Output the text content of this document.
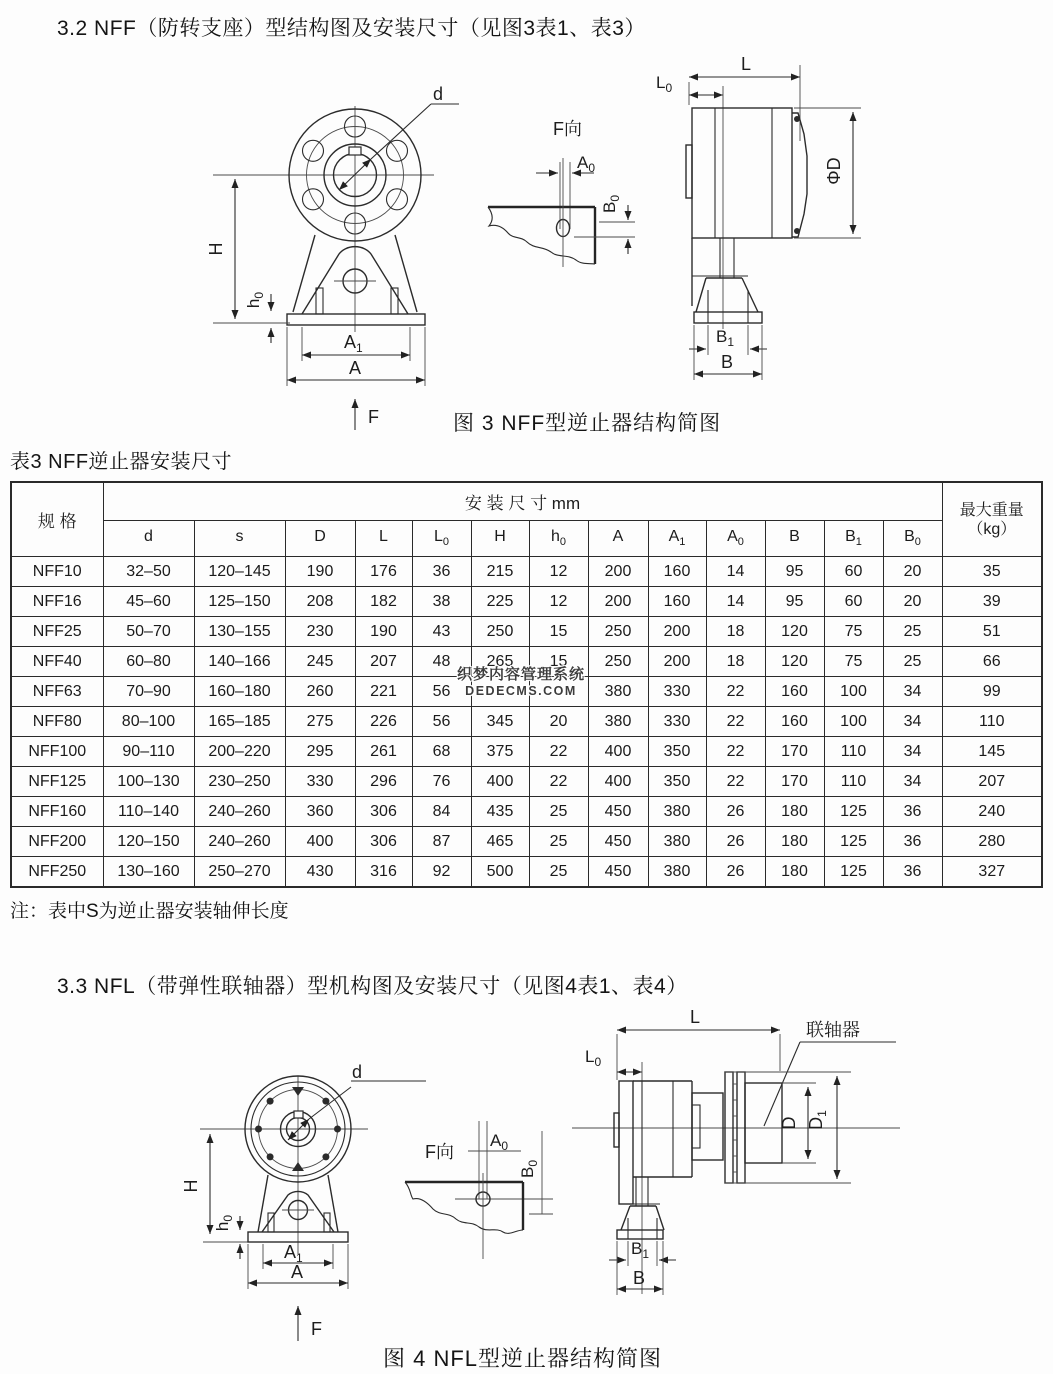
3.2 NFF（防转支座）型结构图及安装尺寸（见图3表1、表3）
d
H
$h_0$
$A_1$
A
F
F向
$A_0$
$B_0$
L
$L_0$
ΦD
$B_1$
B
图 3 NFF型逆止器结构简图
表3 NFF逆止器安装尺寸
规 格	安 装 尺 寸 mm													最大重量
（kg）

	d	s	D	L	$L_0$	H	$h_0$	A	$A_1$	$A_0$	B	$B_1$	$B_0$
NFF10	32–50	120–145	190	176	36	215	12	200	160	14	95	60	20	35
NFF16	45–60	125–150	208	182	38	225	12	200	160	14	95	60	20	39
NFF25	50–70	130–155	230	190	43	250	15	250	200	18	120	75	25	51
NFF40	60–80	140–166	245	207	48	265	15	250	200	18	120	75	25	66
NFF63	70–90	160–180	260	221	56			380	330	22	160	100	34	99
NFF80	80–100	165–185	275	226	56	345	20	380	330	22	160	100	34	110
NFF100	90–110	200–220	295	261	68	375	22	400	350	22	170	110	34	145
NFF125	100–130	230–250	330	296	76	400	22	400	350	22	170	110	34	207
NFF160	110–140	240–260	360	306	84	435	25	450	380	26	180	125	36	240
NFF200	120–150	240–260	400	306	87	465	25	450	380	26	180	125	36	280
NFF250	130–160	250–270	430	316	92	500	25	450	380	26	180	125	36	327
织梦内容管理系统
DEDECMS.COM
注：表中S为逆止器安装轴伸长度
3.3 NFL（带弹性联轴器）型机构图及安装尺寸（见图4表1、表4）
d
H
$h_0$
$A_1$
A
F
F向
$A_0$
$B_0$
L
联轴器
$L_0$
D $D_1$
$B_1$
B
图 4 NFL型逆止器结构简图
